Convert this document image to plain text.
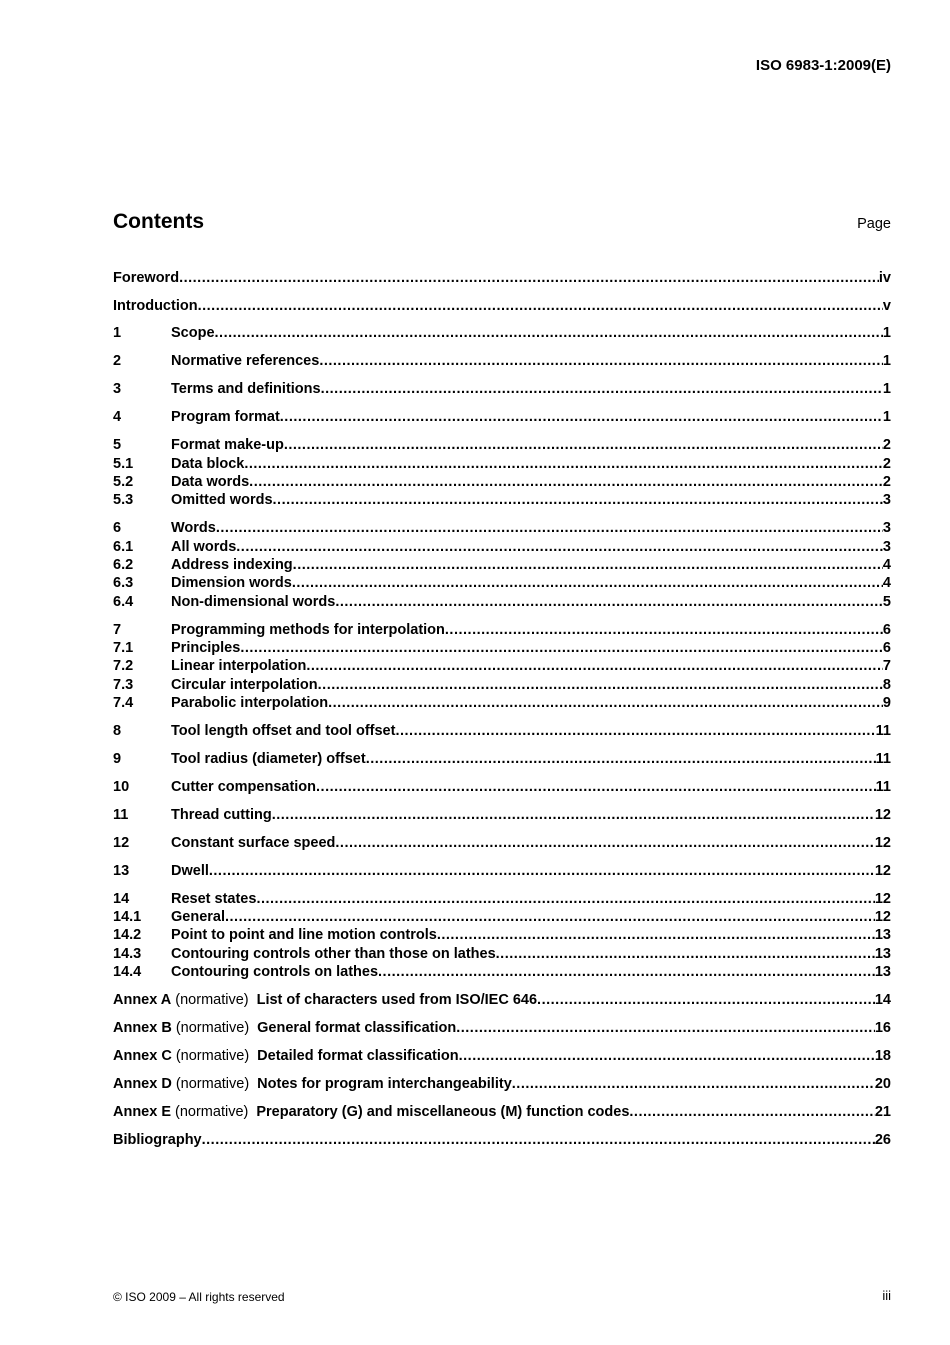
ISO 6983-1:2009(E)
Contents	Page
Foreword .....	iv
Introduction .....	v
1	Scope .....	1
2	Normative references .....	1
3	Terms and definitions .....	1
4	Program format .....	1
5	Format make-up .....	2
5.1	Data block .....	2
5.2	Data words .....	2
5.3	Omitted words .....	3
6	Words .....	3
6.1	All words .....	3
6.2	Address indexing .....	4
6.3	Dimension words .....	4
6.4	Non-dimensional words .....	5
7	Programming methods for interpolation .....	6
7.1	Principles .....	6
7.2	Linear interpolation .....	7
7.3	Circular interpolation .....	8
7.4	Parabolic interpolation .....	9
8	Tool length offset and tool offset .....	11
9	Tool radius (diameter) offset .....	11
10	Cutter compensation .....	11
11	Thread cutting .....	12
12	Constant surface speed .....	12
13	Dwell .....	12
14	Reset states .....	12
14.1	General .....	12
14.2	Point to point and line motion controls .....	13
14.3	Contouring controls other than those on lathes .....	13
14.4	Contouring controls on lathes .....	13
Annex A (normative) List of characters used from ISO/IEC 646 .....	14
Annex B (normative) General format classification .....	16
Annex C (normative) Detailed format classification .....	18
Annex D (normative) Notes for program interchangeability .....	20
Annex E (normative) Preparatory (G) and miscellaneous (M) function codes .....	21
Bibliography .....	26
© ISO 2009 – All rights reserved	iii
